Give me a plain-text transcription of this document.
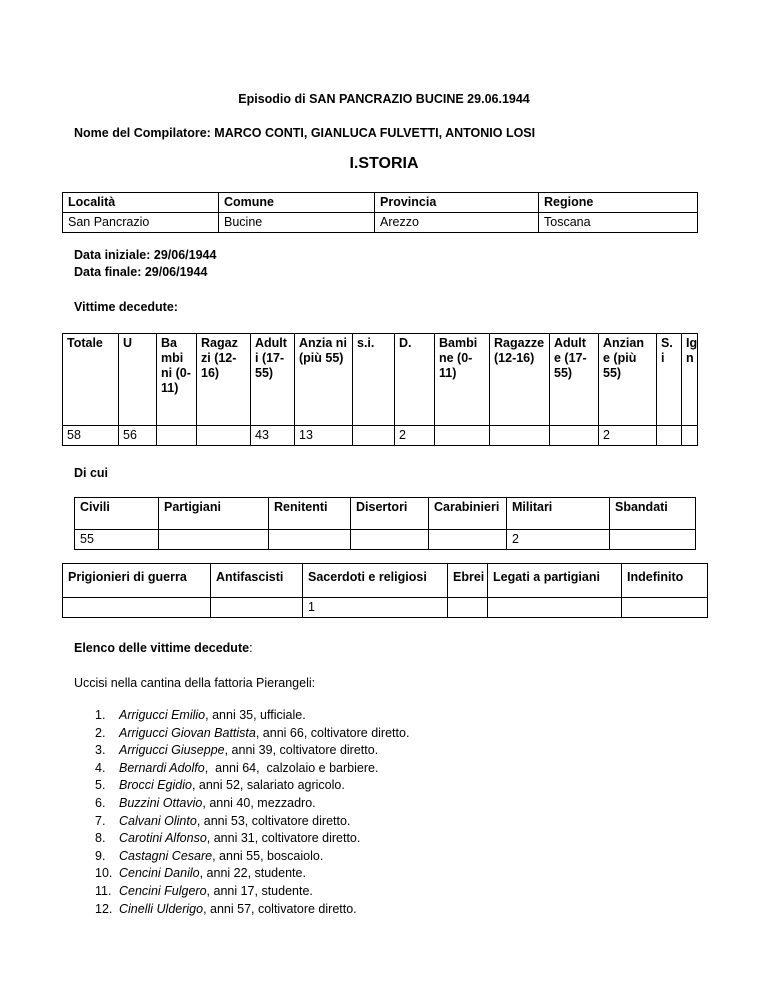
Episodio di SAN PANCRAZIO BUCINE 29.06.1944
Nome del Compilatore: MARCO CONTI, GIANLUCA FULVETTI, ANTONIO LOSI
I.STORIA
Località	Comune	Provincia	Regione
San Pancrazio	Bucine	Arezzo	Toscana
Data iniziale: 29/06/1944
Data finale: 29/06/1944
Vittime decedute:
Totale	U	Ba mbi ni (0- 11)	Ragaz zi (12- 16)	Adult i (17- 55)	Anzia ni (più 55)	s.i.	D.	Bambi ne (0- 11)	Ragazze (12-16)	Adult e (17- 55)	Anzian e (più 55)	S. i	Ig n
58	56			43	13		2				2		
Di cui
Civili	Partigiani	Renitenti	Disertori	Carabinieri	Militari	Sbandati
55					2	
Prigionieri di guerra	Antifascisti	Sacerdoti e religiosi	Ebrei	Legati a partigiani	Indefinito
		1			
Elenco delle vittime decedute:
Uccisi nella cantina della fattoria Pierangeli:
1. Arrigucci Emilio, anni 35, ufficiale.
2. Arrigucci Giovan Battista, anni 66, coltivatore diretto.
3. Arrigucci Giuseppe, anni 39, coltivatore diretto.
4. Bernardi Adolfo,  anni 64,  calzolaio e barbiere.
5. Brocci Egidio, anni 52, salariato agricolo.
6. Buzzini Ottavio, anni 40, mezzadro.
7. Calvani Olinto, anni 53, coltivatore diretto.
8. Carotini Alfonso, anni 31, coltivatore diretto.
9. Castagni Cesare, anni 55, boscaiolo.
10. Cencini Danilo, anni 22, studente.
11. Cencini Fulgero, anni 17, studente.
12. Cinelli Ulderigo, anni 57, coltivatore diretto.
